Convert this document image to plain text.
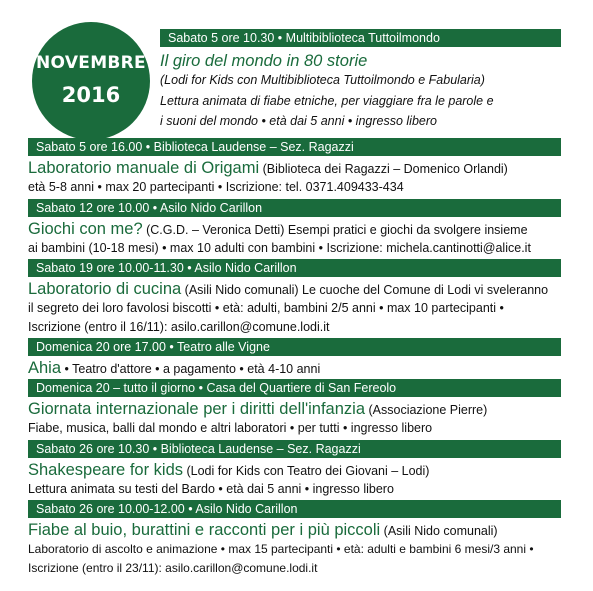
NOVEMBRE
2016
Sabato 5 ore 10.30 • Multibiblioteca Tuttoilmondo
Il giro del mondo in 80 storie
(Lodi for Kids con Multibiblioteca Tuttoilmondo e Fabularia)
Lettura animata di fiabe etniche, per viaggiare fra le parole e
i suoni del mondo • età dai 5 anni • ingresso libero
Sabato 5 ore 16.00 • Biblioteca Laudense – Sez. Ragazzi
Laboratorio manuale di Origami (Biblioteca dei Ragazzi – Domenico Orlandi)
età 5-8 anni • max 20 partecipanti • Iscrizione: tel. 0371.409433-434
Sabato 12 ore 10.00 • Asilo Nido Carillon
Giochi con me? (C.G.D. – Veronica Detti) Esempi pratici e giochi da svolgere insieme
ai bambini (10-18 mesi) • max 10 adulti con bambini • Iscrizione: michela.cantinotti@alice.it
Sabato 19 ore 10.00-11.30 • Asilo Nido Carillon
Laboratorio di cucina (Asili Nido comunali) Le cuoche del Comune di Lodi vi sveleranno
il segreto dei loro favolosi biscotti • età: adulti, bambini 2/5 anni • max 10 partecipanti •
Iscrizione (entro il 16/11): asilo.carillon@comune.lodi.it
Domenica 20 ore 17.00 • Teatro alle Vigne
Ahia • Teatro d'attore • a pagamento • età 4-10 anni
Domenica 20 – tutto il giorno • Casa del Quartiere di San Fereolo
Giornata internazionale per i diritti dell'infanzia (Associazione Pierre)
Fiabe, musica, balli dal mondo e altri laboratori • per tutti • ingresso libero
Sabato 26 ore 10.30 • Biblioteca Laudense – Sez. Ragazzi
Shakespeare for kids (Lodi for Kids con Teatro dei Giovani – Lodi)
Lettura animata su testi del Bardo • età dai 5 anni • ingresso libero
Sabato 26 ore 10.00-12.00 • Asilo Nido Carillon
Fiabe al buio, burattini e racconti per i più piccoli (Asili Nido comunali)
Laboratorio di ascolto e animazione • max 15 partecipanti • età: adulti e bambini 6 mesi/3 anni •
Iscrizione (entro il 23/11): asilo.carillon@comune.lodi.it
